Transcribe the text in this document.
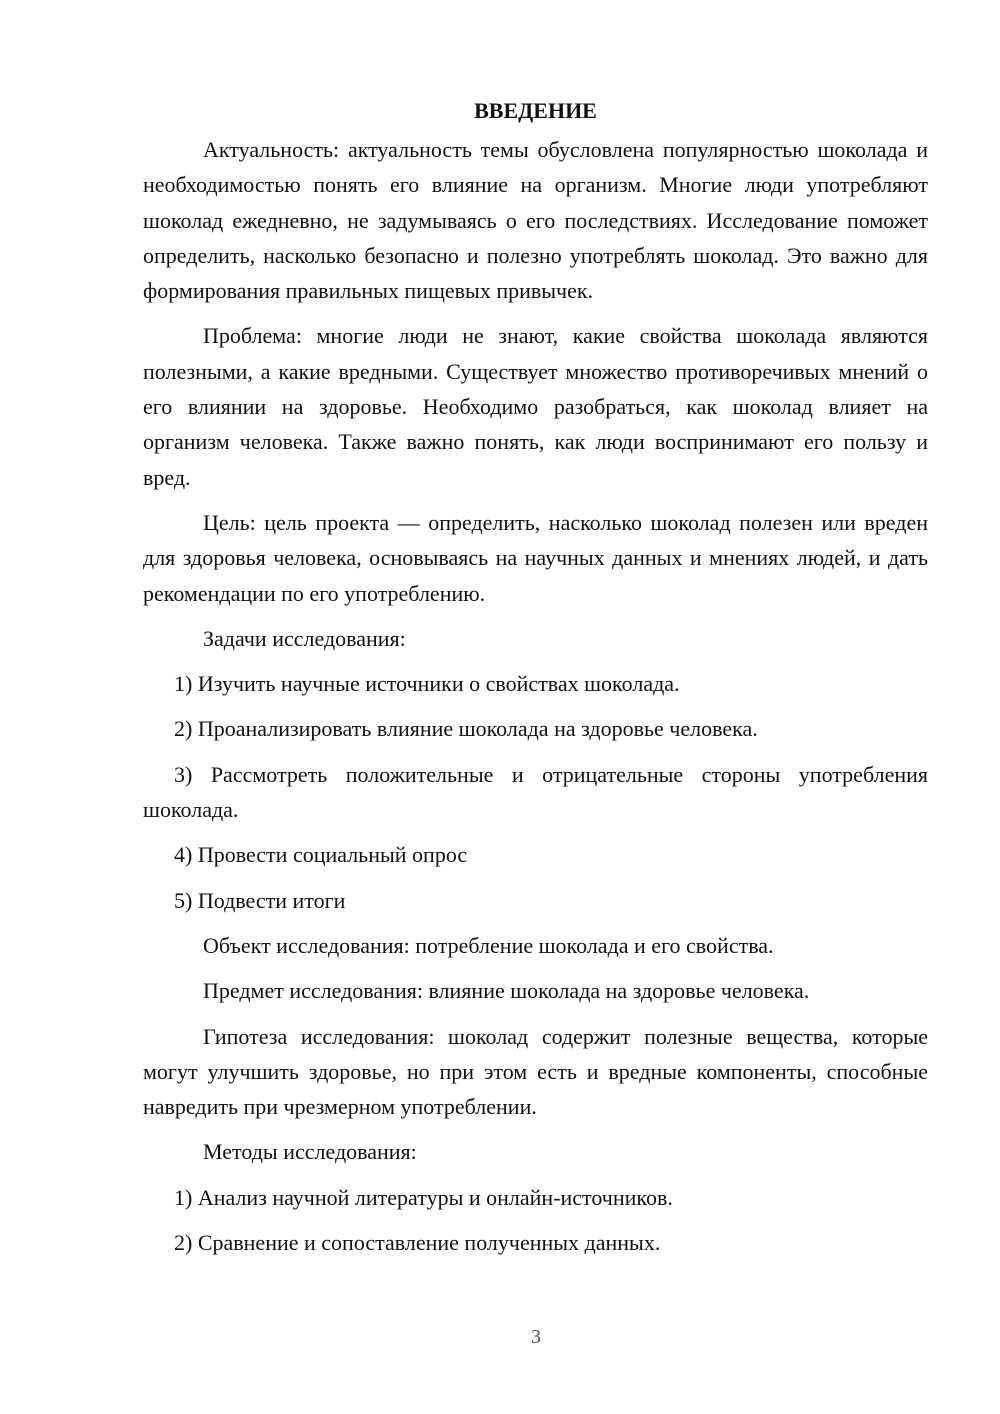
ВВЕДЕНИЕ

Актуальность: актуальность темы обусловлена популярностью шоколада и необходимостью понять его влияние на организм. Многие люди употребляют шоколад ежедневно, не задумываясь о его последствиях. Исследование поможет определить, насколько безопасно и полезно употреблять шоколад. Это важно для формирования правильных пищевых привычек.

Проблема: многие люди не знают, какие свойства шоколада являются полезными, а какие вредными. Существует множество противоречивых мнений о его влиянии на здоровье. Необходимо разобраться, как шоколад влияет на организм человека. Также важно понять, как люди воспринимают его пользу и вред.

Цель: цель проекта — определить, насколько шоколад полезен или вреден для здоровья человека, основываясь на научных данных и мнениях людей, и дать рекомендации по его употреблению.

Задачи исследования:

1) Изучить научные источники о свойствах шоколада.

2) Проанализировать влияние шоколада на здоровье человека.

3) Рассмотреть положительные и отрицательные стороны употребления шоколада.

4) Провести социальный опрос

5) Подвести итоги

Объект исследования: потребление шоколада и его свойства.

Предмет исследования: влияние шоколада на здоровье человека.

Гипотеза исследования: шоколад содержит полезные вещества, которые могут улучшить здоровье, но при этом есть и вредные компоненты, способные навредить при чрезмерном употреблении.

Методы исследования:

1) Анализ научной литературы и онлайн-источников.

2) Сравнение и сопоставление полученных данных.

3
